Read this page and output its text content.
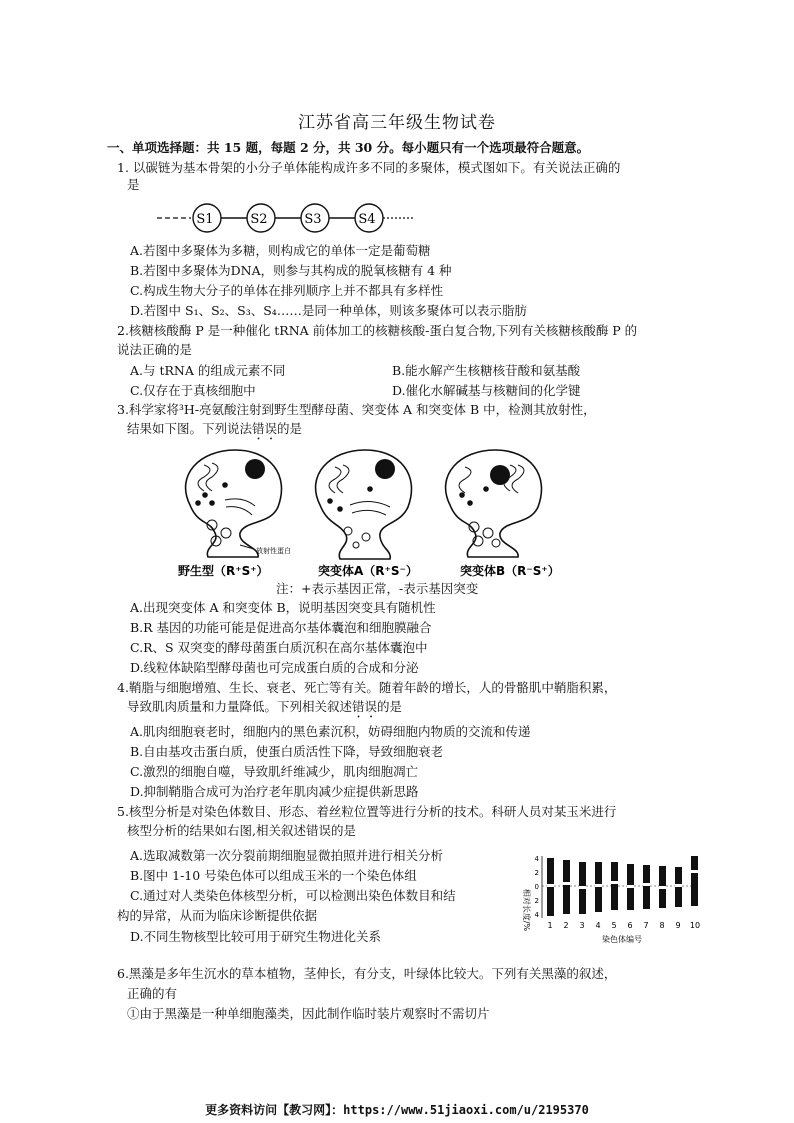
江苏省高三年级生物试卷
一、单项选择题：共 15 题，每题 2 分，共 30 分。每小题只有一个选项最符合题意。
1. 以碳链为基本骨架的小分子单体能构成许多不同的多聚体，模式图如下。有关说法正确的
是
S1	S2	S3	S4
A.若图中多聚体为多糖，则构成它的单体一定是葡萄糖
B.若图中多聚体为DNA，则参与其构成的脱氧核糖有 4 种
C.构成生物大分子的单体在排列顺序上并不都具有多样性
D.若图中 S₁、S₂、S₃、S₄……是同一种单体，则该多聚体可以表示脂肪
2.核糖核酸酶 P 是一种催化 tRNA 前体加工的核糖核酸-蛋白复合物,下列有关核糖核酸酶 P 的
说法正确的是
A.与 tRNA 的组成元素不同	B.能水解产生核糖核苷酸和氨基酸
C.仅存在于真核细胞中	D.催化水解碱基与核糖间的化学键
3.科学家将³H-亮氨酸注射到野生型酵母菌、突变体 A 和突变体 B 中，检测其放射性，
结果如下图。下列说法错误的是
放射性蛋白
野生型（R⁺S⁺）	突变体A（R⁺S⁻）	突变体B（R⁻S⁺）
注：+表示基因正常，-表示基因突变
A.出现突变体 A 和突变体 B，说明基因突变具有随机性
B.R 基因的功能可能是促进高尔基体囊泡和细胞膜融合
C.R、S 双突变的酵母菌蛋白质沉积在高尔基体囊泡中
D.线粒体缺陷型酵母菌也可完成蛋白质的合成和分泌
4.鞘脂与细胞增殖、生长、衰老、死亡等有关。随着年龄的增长，人的骨骼肌中鞘脂积累，
导致肌肉质量和力量降低。下列相关叙述错误的是
A.肌肉细胞衰老时，细胞内的黑色素沉积，妨碍细胞内物质的交流和传递
B.自由基攻击蛋白质，使蛋白质活性下降，导致细胞衰老
C.激烈的细胞自噬，导致肌纤维减少，肌肉细胞凋亡
D.抑制鞘脂合成可为治疗老年肌肉减少症提供新思路
5.核型分析是对染色体数目、形态、着丝粒位置等进行分析的技术。科研人员对某玉米进行
核型分析的结果如右图,相关叙述错误的是
A.选取减数第一次分裂前期细胞显微拍照并进行相关分析
B.图中 1-10 号染色体可以组成玉米的一个染色体组
C.通过对人类染色体核型分析，可以检测出染色体数目和结
构的异常，从而为临床诊断提供依据
D.不同生物核型比较可用于研究生物进化关系
相对长度/%
4
2
0
2
4
1 2 3 4 5 6 7 8 9 10
染色体编号
6.黑藻是多年生沉水的草本植物，茎伸长，有分支，叶绿体比较大。下列有关黑藻的叙述，
正确的有
①由于黑藻是一种单细胞藻类，因此制作临时装片观察时不需切片
更多资料访问【教习网】：https://www.51jiaoxi.com/u/2195370
